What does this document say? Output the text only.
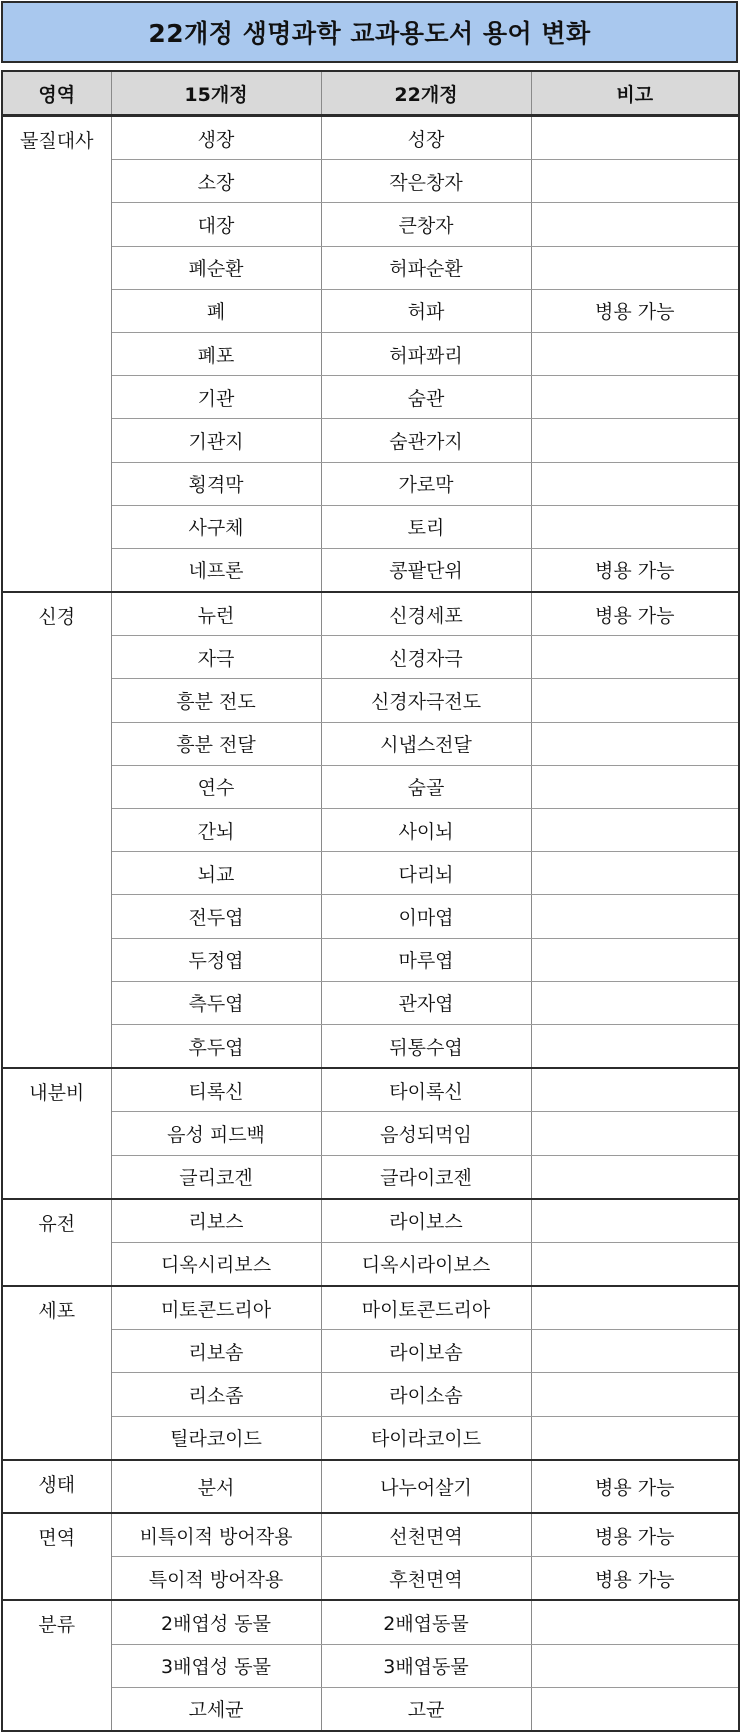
22개정 생명과학 교과용도서 용어 변화
영역	15개정	22개정	비고
물질대사	생장	성장	
	소장	작은창자	
	대장	큰창자	
	폐순환	허파순환	
	폐	허파	병용 가능
	폐포	허파꽈리	
	기관	숨관	
	기관지	숨관가지	
	횡격막	가로막	
	사구체	토리	
	네프론	콩팥단위	병용 가능
신경	뉴런	신경세포	병용 가능
	자극	신경자극	
	흥분 전도	신경자극전도	
	흥분 전달	시냅스전달	
	연수	숨골	
	간뇌	사이뇌	
	뇌교	다리뇌	
	전두엽	이마엽	
	두정엽	마루엽	
	측두엽	관자엽	
	후두엽	뒤통수엽	
내분비	티록신	타이록신	
	음성 피드백	음성되먹임	
	글리코겐	글라이코젠	
유전	리보스	라이보스	
	디옥시리보스	디옥시라이보스	
세포	미토콘드리아	마이토콘드리아	
	리보솜	라이보솜	
	리소좀	라이소솜	
	틸라코이드	타이라코이드	
생태	분서	나누어살기	병용 가능
면역	비특이적 방어작용	선천면역	병용 가능
	특이적 방어작용	후천면역	병용 가능
분류	2배엽성 동물	2배엽동물	
	3배엽성 동물	3배엽동물	
	고세균	고균	
